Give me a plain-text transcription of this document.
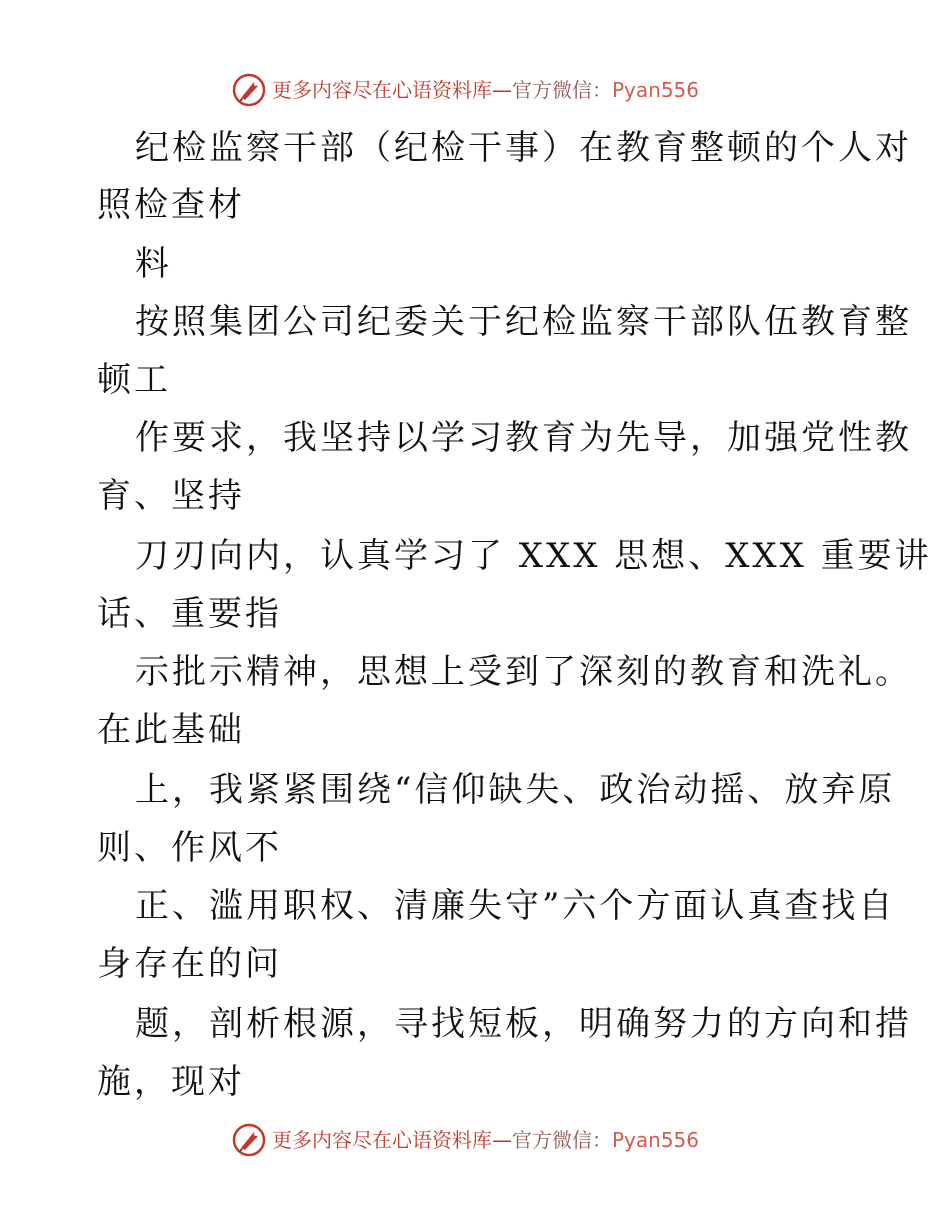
更多内容尽在心语资料库—官方微信：Pyan556
纪检监察干部（纪检干事）在教育整顿的个人对
照检查材
料
按照集团公司纪委关于纪检监察干部队伍教育整
顿工
作要求，我坚持以学习教育为先导，加强党性教
育、坚持
刀刃向内，认真学习了 XXX 思想、XXX 重要讲
话、重要指
示批示精神，思想上受到了深刻的教育和洗礼。
在此基础
上，我紧紧围绕“信仰缺失、政治动摇、放弃原
则、作风不
正、滥用职权、清廉失守”六个方面认真查找自
身存在的问
题，剖析根源，寻找短板，明确努力的方向和措
施，现对
更多内容尽在心语资料库—官方微信：Pyan556
